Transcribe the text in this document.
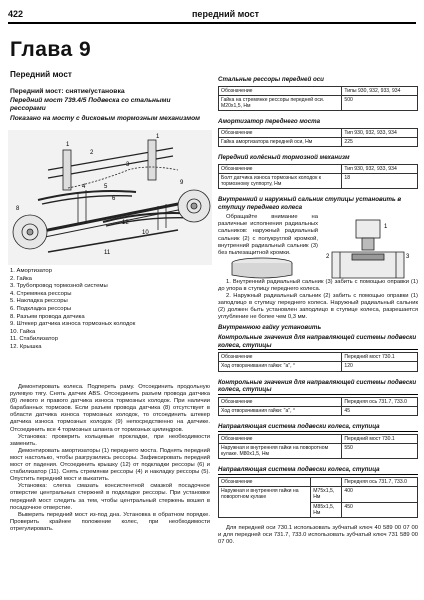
422	передний мост
Глава 9
Передний мост
Передний мост: снятие/установка
Передний мост 739.4/5 Подвеска со стальными рессорами
Показано на мосту с дисковым тормозным механизмом
1
1
2
3
4	5
6
8
9
10
11
12
1. Амортизатор
2. Гайка
3. Трубопровод тормозной системы
4. Стремянка рессоры
5. Накладка рессоры
6. Подкладка рессоры
8. Разъем провода датчика
9. Штекер датчика износа тормозных колодок
10. Гайка
11. Стабилизатор
12. Крышка

Демонтировать колеса. Подпереть раму. Отсоединить продольную рулевую тягу. Снять датчик ABS. Отсоединить разъем провода датчика (8) левого и правого датчика износа тормозных колодок. При наличии барабанных тормозов. Если разъем провода датчика (8) отсутствует в области датчика износа тормозных колодок, то отсоединить штекер датчика износа тормозных колодок (9) непосредственно на датчике. Отсоединить все 4 тормозных шланга от тормозных цилиндров.

Установка: проверить кольцевые прокладки, при необходимости заменить.

Демонтировать амортизаторы (1) переднего моста. Поднять передний мост настолько, чтобы разгрузились рессоры. Зафиксировать передний мост от падения. Отсоединить крышку (12) от подкладки рессоры (6) и стабилизатор (11). Снять стремянки рессоры (4) и накладку рессоры (5). Опустить передний мост и выкатить.

Установка: слегка смазать консистентной смазкой посадочное отверстие центральных стержней в подкладке рессоры. При установке передний мост следить за тем, чтобы центральный стержень вошел в посадочное отверстие.

Выверить передний мост из-под дна. Установка в обратном порядке. Проверить крайнее положение колес, при необходимости отрегулировать.

Стальные рессоры передней оси
Обозначение	Типы 930, 932, 933, 934
Гайка на стремянке рессоры передней оси. М20х1,5, Нм	500
Амортизатор переднего моста
Обозначение	Тип 930, 932, 933, 934
Гайка амортизатора передней оси, Нм	225
Передний колёсный тормозной механизм
Обозначение	Тип 930, 932, 933, 934
Болт датчика износа тормозных колодок к тормозному суппорту, Нм	18
Внутренний и наружный сальник ступицы установить в ступицу переднего колеса

Обращайте внимание на различные исполнения радиальных сальников: наружный радиальный сальник (2) с полукруглой кромкой, внутренний радиальный сальник (3) без пылезащитной кромки.

1. Внутренний радиальный сальник (3) забить с помощью оправки (1) до упора в ступицу переднего колеса.

2. Наружный радиальный сальник (2) забить с помощью оправки (1) заподлицо в ступицу переднего колеса. Наружный радиальный сальник (2) должен быть установлен заподлицо в ступице колеса, разрешается углубление не более чем 0,3 мм.

Внутреннюю гайку установить
Контрольные значения для направляющей системы подвески колеса, ступицы
Обозначение	Передний мост 730.1
Ход отворачивания гайки: "а", °	120
Контрольные значения для направляющей системы подвески колеса, ступицы
Обозначение	Передняя ось 731.7, 733.0
Ход отворачивания гайки: "а", °	45
Направляющая система подвески колеса, ступица
Обозначение	Передний мост 730.1
Наружная и внутренняя гайки на поворотном кулаке. М80х1,5, Нм	550
Направляющая система подвески колеса, ступица
Обозначение		Передняя ось 731.7, 733.0
Наружная и внутренняя гайки на поворотном кулаке	М75х1,5, Нм	400
	М85х1,5, Нм	450

Для передней оси 730.1 использовать зубчатый ключ 40 589 00 07 00 и для передней оси 731.7, 733.0 использовать зубчатый ключ 731 589 00 07 00.

1
2	3
